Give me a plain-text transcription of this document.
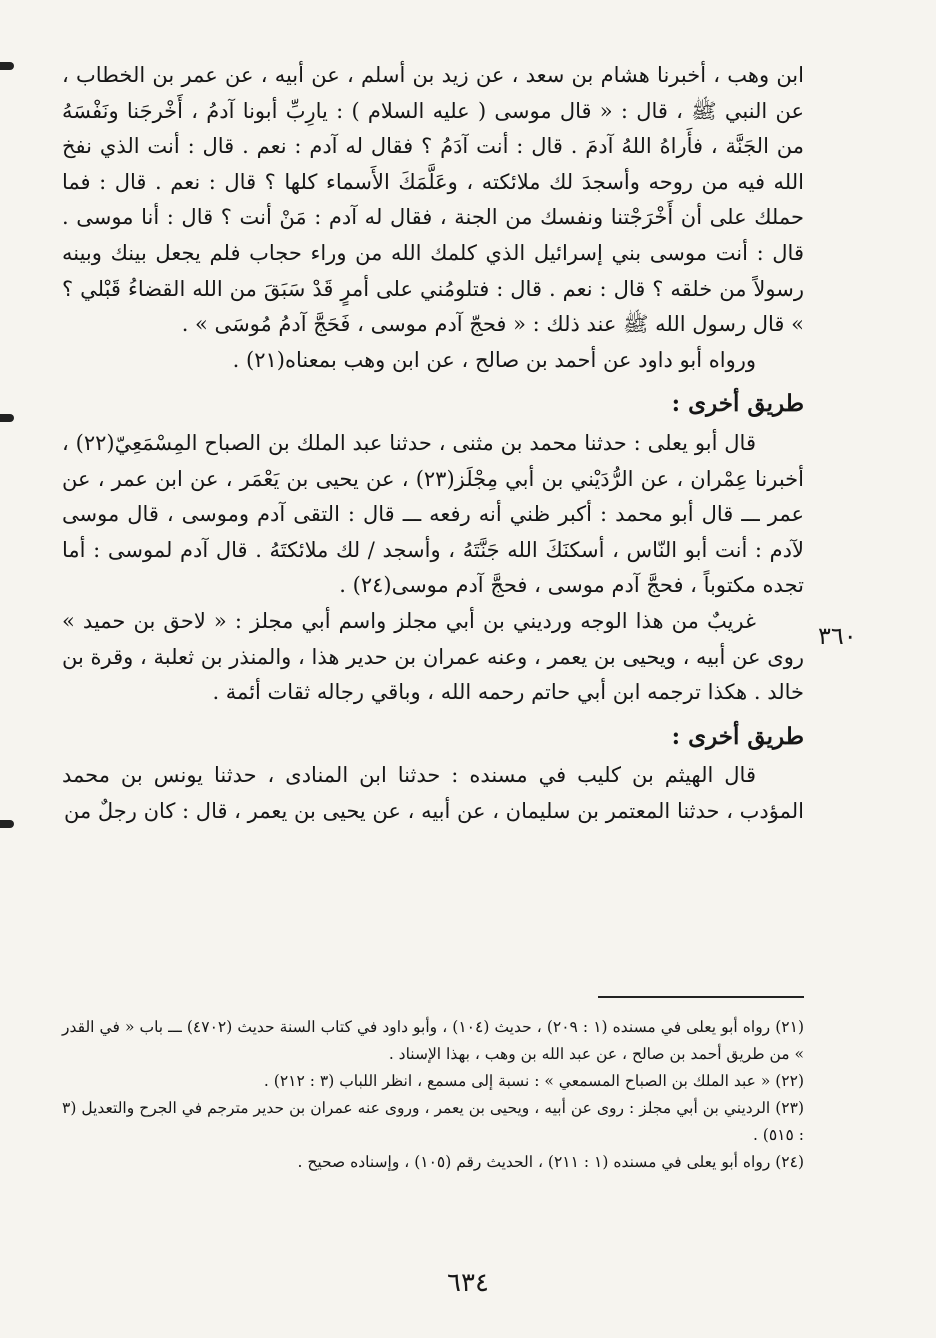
ابن وهب ، أخبرنا هشام بن سعد ، عن زيد بن أسلم ، عن أبيه ، عن عمر بن الخطاب ، عن النبي ﷺ ، قال : « قال موسى ( عليه السلام ) : يارِبِّ أبونا آدمُ ، أَخْرجَنا ونَفْسَهُ من الجَنَّة ، فأَراهُ اللهُ آدمَ . قال : أنت آدَمُ ؟ فقال له آدم : نعم . قال : أنت الذي نفخ الله فيه من روحه وأسجدَ لك ملائكته ، وعَلَّمَكَ الأَسماء كلها ؟ قال : نعم . قال : فما حملك على أن أَخْرَجْتنا ونفسك من الجنة ، فقال له آدم : مَنْ أنت ؟ قال : أنا موسى . قال : أنت موسى بني إسرائيل الذي كلمك الله من وراء حجاب فلم يجعل بينك وبينه رسولاً من خلقه ؟ قال : نعم . قال : فتلومُني على أمرٍ قَدْ سَبَقَ من الله القضاءُ قَبْلي ؟ » قال رسول الله ﷺ عند ذلك : « فحجّ آدم موسى ، فَحَجَّ آدمُ مُوسَى » .

ورواه أبو داود عن أحمد بن صالح ، عن ابن وهب بمعناه(٢١) .

طريق أخرى :

قال أبو يعلى : حدثنا محمد بن مثنى ، حدثنا عبد الملك بن الصباح المِسْمَعِيّ(٢٢) ، أخبرنا عِمْران ، عن الرُّدَيْني بن أبي مِجْلَز(٢٣) ، عن يحيى بن يَعْمَر ، عن ابن عمر ، عن عمر ـــ قال أبو محمد : أكبر ظني أنه رفعه ـــ قال : التقى آدم وموسى ، قال موسى لآدم : أنت أبو النّاس ، أسكنَكَ الله جَنَّتَهُ ، وأسجد / لك ملائكتَهُ . قال آدم لموسى : أما تجده مكتوباً ، فحجَّ آدم موسى ، فحجَّ آدم موسى(٢٤) .

غريبٌ من هذا الوجه ورديني بن أبي مجلز واسم أبي مجلز : « لاحق بن حميد » روى عن أبيه ، ويحيى بن يعمر ، وعنه عمران بن حدير هذا ، والمنذر بن ثعلبة ، وقرة بن خالد . هكذا ترجمه ابن أبي حاتم رحمه الله ، وباقي رجاله ثقات أئمة .

طريق أخرى :

قال الهيثم بن كليب في مسنده : حدثنا ابن المنادى ، حدثنا يونس بن محمد المؤدب ، حدثنا المعتمر بن سليمان ، عن أبيه ، عن يحيى بن يعمر ، قال : كان رجلٌ من

٣٦٠

(٢١) رواه أبو يعلى في مسنده (١ : ٢٠٩) ، حديث (١٠٤) ، وأبو داود في كتاب السنة حديث (٤٧٠٢) ـــ باب « في القدر » من طريق أحمد بن صالح ، عن عبد الله بن وهب ، بهذا الإسناد .

(٢٢) « عبد الملك بن الصباح المسمعي » : نسبة إلى مسمع ، انظر اللباب (٣ : ٢١٢) .

(٢٣) الرديني بن أبي مجلز : روى عن أبيه ، ويحيى بن يعمر ، وروى عنه عمران بن حدير مترجم في الجرح والتعديل (٣ : ٥١٥) .

(٢٤) رواه أبو يعلى في مسنده (١ : ٢١١) ، الحديث رقم (١٠٥) ، وإسناده صحيح .

٦٣٤
